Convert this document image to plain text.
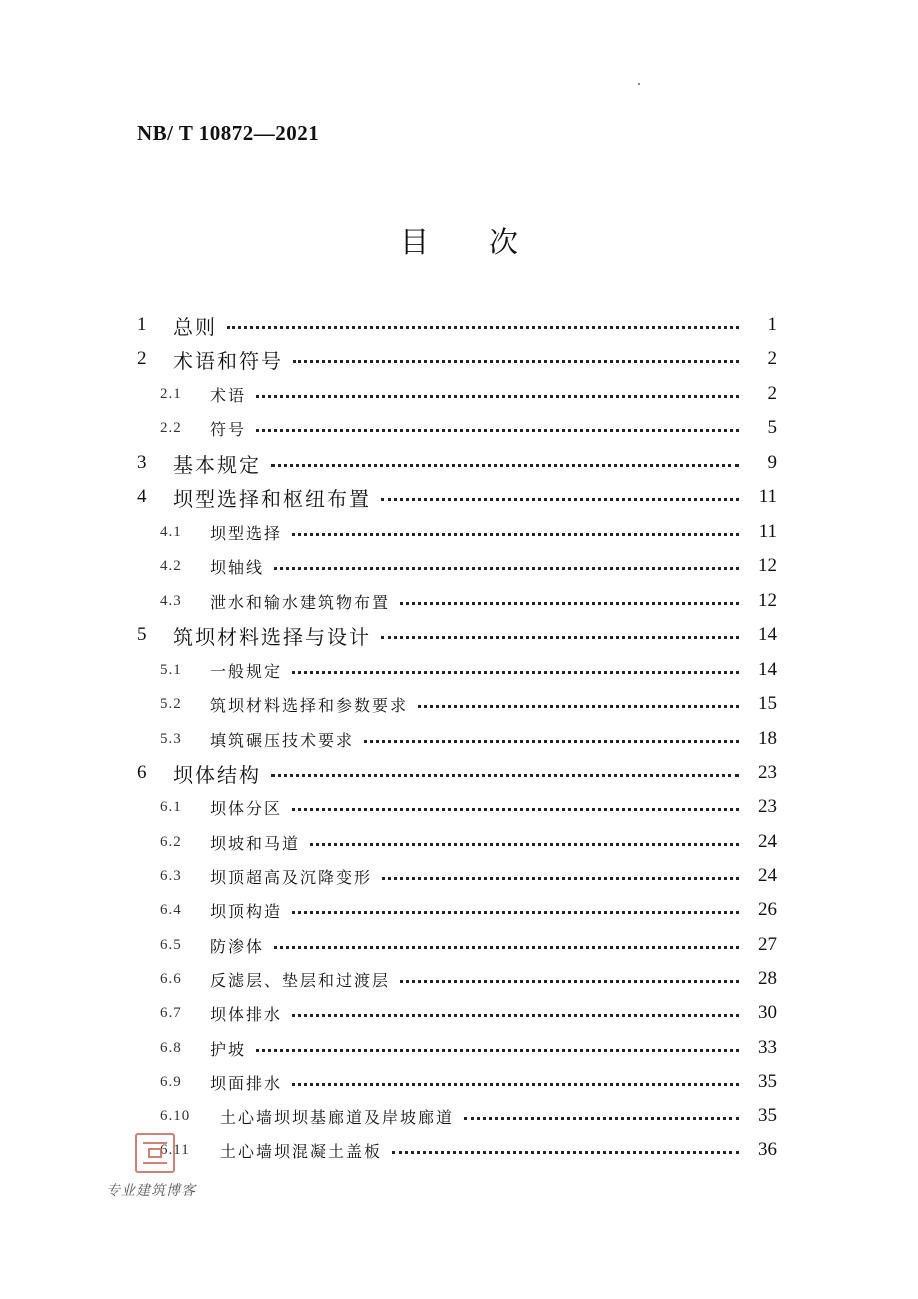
NB/ T 10872—2021
目 次
1	总则	1
2	术语和符号	2
2.1	术语	2
2.2	符号	5
3	基本规定	9
4	坝型选择和枢纽布置	11
4.1	坝型选择	11
4.2	坝轴线	12
4.3	泄水和输水建筑物布置	12
5	筑坝材料选择与设计	14
5.1	一般规定	14
5.2	筑坝材料选择和参数要求	15
5.3	填筑碾压技术要求	18
6	坝体结构	23
6.1	坝体分区	23
6.2	坝坡和马道	24
6.3	坝顶超高及沉降变形	24
6.4	坝顶构造	26
6.5	防渗体	27
6.6	反滤层、垫层和过渡层	28
6.7	坝体排水	30
6.8	护坡	33
6.9	坝面排水	35
6.10	土心墙坝坝基廊道及岸坡廊道	35
6.11	土心墙坝混凝土盖板	36
专业建筑博客
